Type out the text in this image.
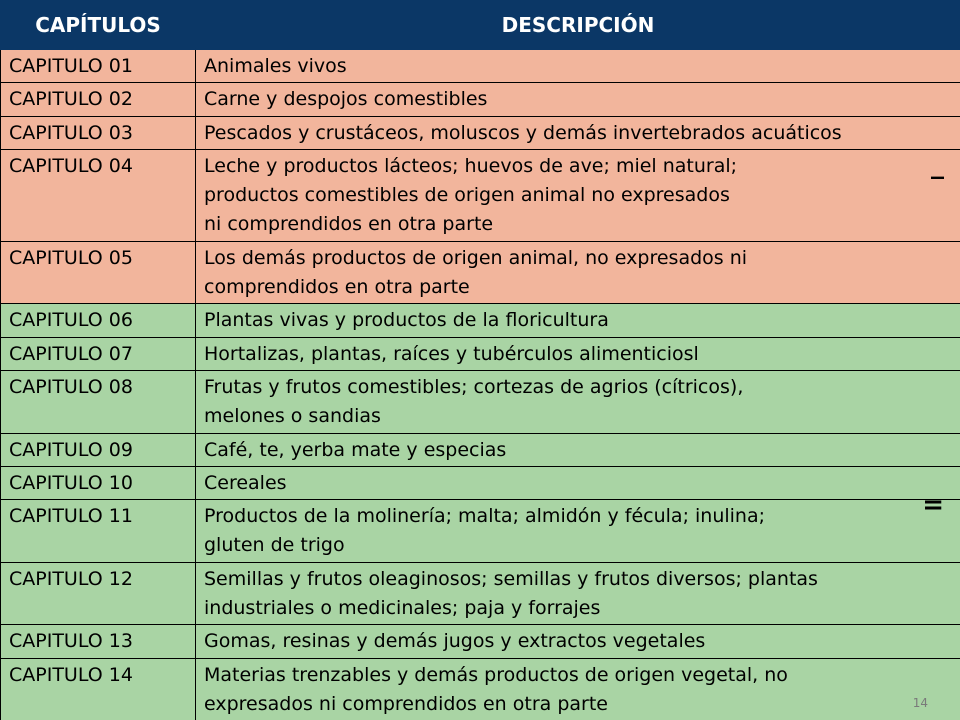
CAPÍTULOS	DESCRIPCIÓN
CAPITULO 01	Animales vivos
CAPITULO 02	Carne y despojos comestibles
CAPITULO 03	Pescados y crustáceos, moluscos y demás invertebrados acuáticos
CAPITULO 04	Leche y productos lácteos; huevos de ave; miel natural;
productos comestibles de origen animal no expresados
ni comprendidos en otra parte
CAPITULO 05	Los demás productos de origen animal, no expresados ni
comprendidos en otra parte
CAPITULO 06	Plantas vivas y productos de la floricultura
CAPITULO 07	Hortalizas, plantas, raíces y tubérculos alimenticiosl
CAPITULO 08	Frutas y frutos comestibles; cortezas de agrios (cítricos),
melones o sandias
CAPITULO 09	Café, te, yerba mate y especias
CAPITULO 10	Cereales
CAPITULO 11	Productos de la molinería; malta; almidón y fécula; inulina;
gluten de trigo
CAPITULO 12	Semillas y frutos oleaginosos; semillas y frutos diversos; plantas
industriales o medicinales; paja y forrajes
CAPITULO 13	Gomas, resinas y demás jugos y extractos vegetales
CAPITULO 14	Materias trenzables y demás productos de origen vegetal, no
expresados ni comprendidos en otra parte
_
=
14
